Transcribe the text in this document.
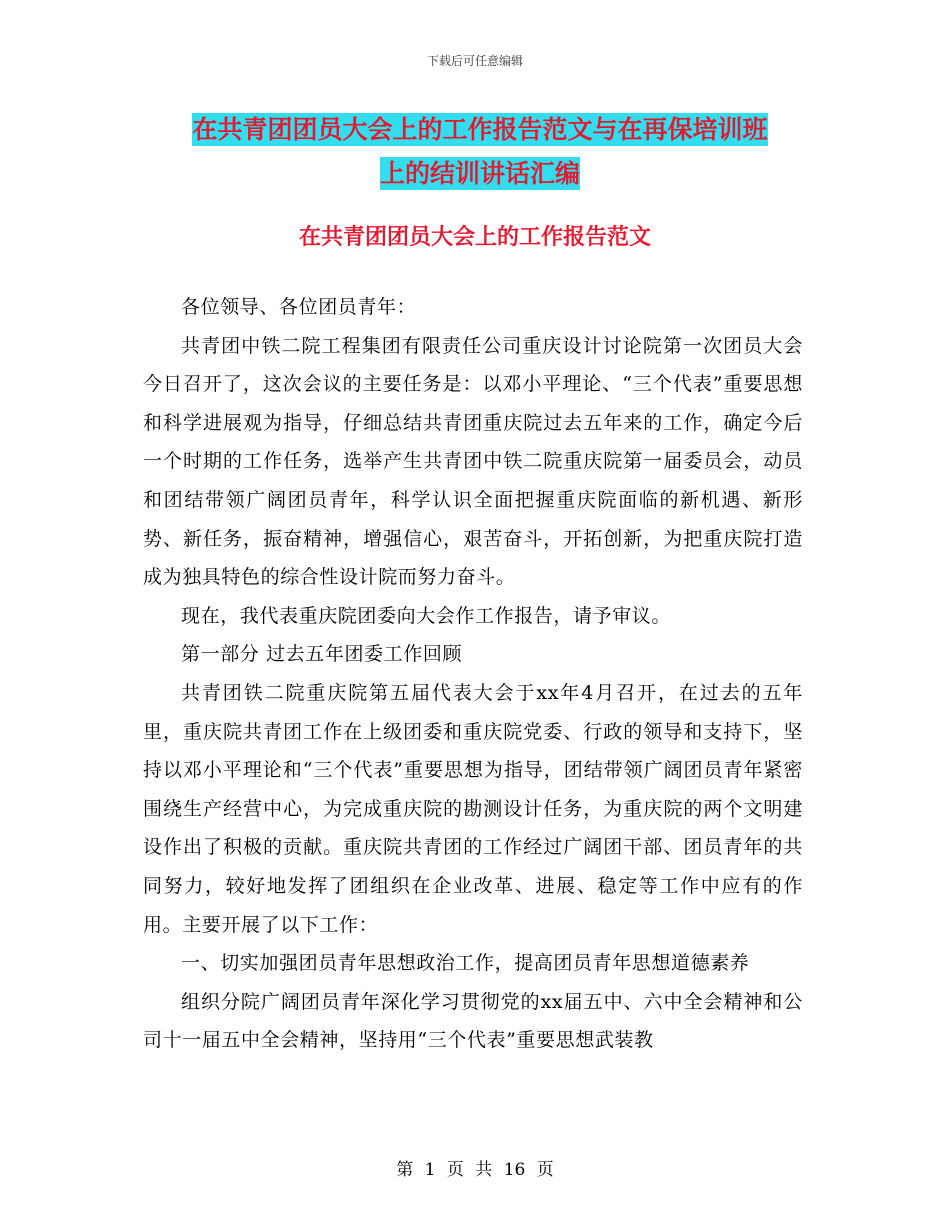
下载后可任意编辑
在共青团团员大会上的工作报告范文与在再保培训班
上的结训讲话汇编
在共青团团员大会上的工作报告范文

各位领导、各位团员青年：

共青团中铁二院工程集团有限责任公司重庆设计讨论院第一次团员大会今日召开了，这次会议的主要任务是：以邓小平理论、“三个代表”重要思想和科学进展观为指导，仔细总结共青团重庆院过去五年来的工作，确定今后一个时期的工作任务，选举产生共青团中铁二院重庆院第一届委员会，动员和团结带领广阔团员青年，科学认识全面把握重庆院面临的新机遇、新形势、新任务，振奋精神，增强信心，艰苦奋斗，开拓创新，为把重庆院打造成为独具特色的综合性设计院而努力奋斗。

现在，我代表重庆院团委向大会作工作报告，请予审议。

第一部分 过去五年团委工作回顾

共青团铁二院重庆院第五届代表大会于xx年4月召开，在过去的五年里，重庆院共青团工作在上级团委和重庆院党委、行政的领导和支持下，坚持以邓小平理论和“三个代表”重要思想为指导，团结带领广阔团员青年紧密围绕生产经营中心，为完成重庆院的勘测设计任务，为重庆院的两个文明建设作出了积极的贡献。重庆院共青团的工作经过广阔团干部、团员青年的共同努力，较好地发挥了团组织在企业改革、进展、稳定等工作中应有的作用。主要开展了以下工作：

一、切实加强团员青年思想政治工作，提高团员青年思想道德素养

组织分院广阔团员青年深化学习贯彻党的xx届五中、六中全会精神和公司十一届五中全会精神，坚持用“三个代表”重要思想武装教

第 1 页 共 16 页
